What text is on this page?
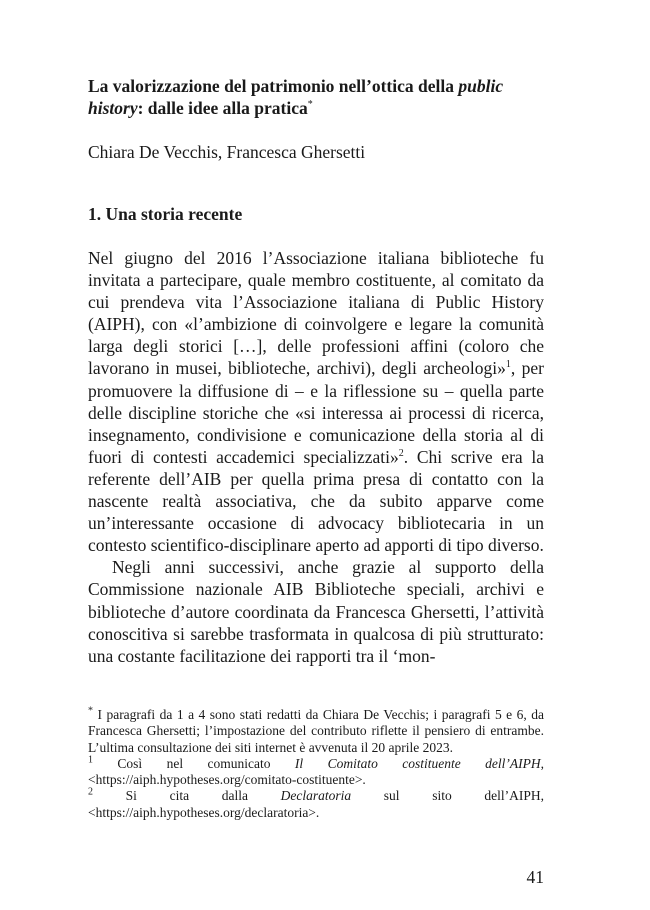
La valorizzazione del patrimonio nell’ottica della public history: dalle idee alla pratica*

Chiara De Vecchis, Francesca Ghersetti

1. Una storia recente

Nel giugno del 2016 l’Associazione italiana biblioteche fu invitata a partecipare, quale membro costituente, al comitato da cui prendeva vita l’Associazione italiana di Public History (AIPH), con «l’ambizione di coinvolgere e legare la comunità larga degli storici […], delle professioni affini (coloro che lavorano in musei, biblioteche, archivi), degli archeologi»$^1$, per promuovere la diffusione di – e la riflessione su – quella parte delle discipline storiche che «si interessa ai processi di ricerca, insegnamento, condivisione e comunicazione della storia al di fuori di contesti accademici specializzati»$^2$. Chi scrive era la referente dell’AIB per quella prima presa di contatto con la nascente realtà associativa, che da subito apparve come un’interessante occasione di advocacy bibliotecaria in un contesto scientifico-disciplinare aperto ad apporti di tipo diverso.

Negli anni successivi, anche grazie al supporto della Commissione nazionale AIB Biblioteche speciali, archivi e biblioteche d’autore coordinata da Francesca Ghersetti, l’attività conoscitiva si sarebbe trasformata in qualcosa di più strutturato: una costante facilitazione dei rapporti tra il ‘mon-

* I paragrafi da 1 a 4 sono stati redatti da Chiara De Vecchis; i paragrafi 5 e 6, da Francesca Ghersetti; l’impostazione del contributo riflette il pensiero di entrambe. L’ultima consultazione dei siti internet è avvenuta il 20 aprile 2023.

$^1$ Così nel comunicato Il Comitato costituente dell’AIPH, <https://aiph.hypotheses.org/comitato-costituente>.

$^2$ Si cita dalla Declaratoria sul sito dell’AIPH, <https://aiph.hypotheses.org/declaratoria>.

41
